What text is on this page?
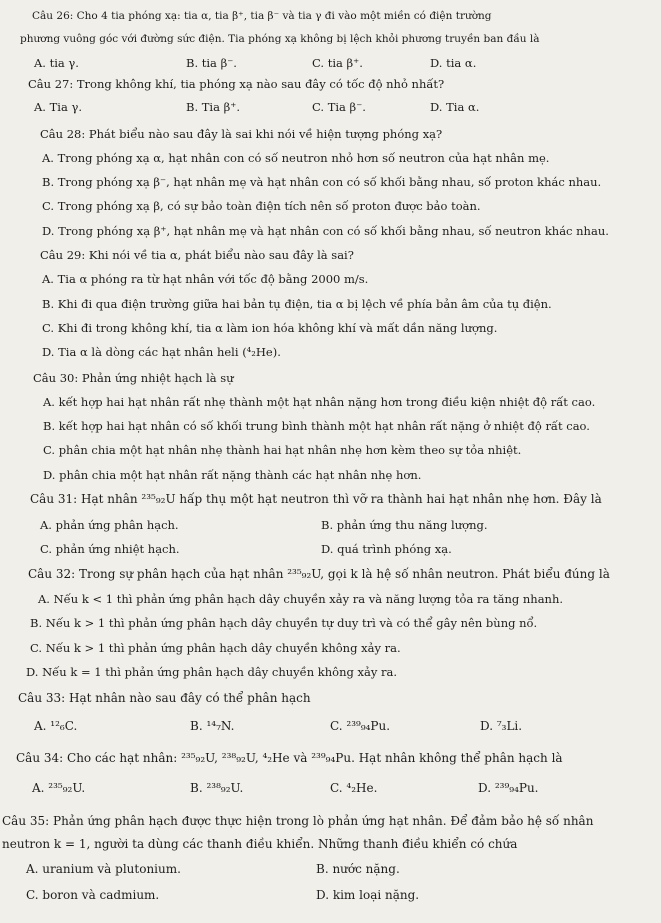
Câu 26: Cho 4 tia phóng xạ: tia α, tia β⁺, tia β⁻ và tia γ đi vào một miền có điện trường
phương vuông góc với đường sức điện. Tia phóng xạ không bị lệch khỏi phương truyền ban đầu là
A. tia γ.	B. tia β⁻.	C. tia β⁺.	D. tia α.
Câu 27: Trong không khí, tia phóng xạ nào sau đây có tốc độ nhỏ nhất?
A. Tia γ.	B. Tia β⁺.	C. Tia β⁻.	D. Tia α.
Câu 28: Phát biểu nào sau đây là sai khi nói về hiện tượng phóng xạ?
A. Trong phóng xạ α, hạt nhân con có số neutron nhỏ hơn số neutron của hạt nhân mẹ.
B. Trong phóng xạ β⁻, hạt nhân mẹ và hạt nhân con có số khối bằng nhau, số proton khác nhau.
C. Trong phóng xạ β, có sự bảo toàn điện tích nên số proton được bảo toàn.
D. Trong phóng xạ β⁺, hạt nhân mẹ và hạt nhân con có số khối bằng nhau, số neutron khác nhau.
Câu 29: Khi nói về tia α, phát biểu nào sau đây là sai?
A. Tia α phóng ra từ hạt nhân với tốc độ bằng 2000 m/s.
B. Khi đi qua điện trường giữa hai bản tụ điện, tia α bị lệch về phía bản âm của tụ điện.
C. Khi đi trong không khí, tia α làm ion hóa không khí và mất dần năng lượng.
D. Tia α là dòng các hạt nhân heli (⁴₂He).
Câu 30: Phản ứng nhiệt hạch là sự
A. kết hợp hai hạt nhân rất nhẹ thành một hạt nhân nặng hơn trong điều kiện nhiệt độ rất cao.
B. kết hợp hai hạt nhân có số khối trung bình thành một hạt nhân rất nặng ở nhiệt độ rất cao.
C. phân chia một hạt nhân nhẹ thành hai hạt nhân nhẹ hơn kèm theo sự tỏa nhiệt.
D. phân chia một hạt nhân rất nặng thành các hạt nhân nhẹ hơn.
Câu 31: Hạt nhân ²³⁵₉₂U hấp thụ một hạt neutron thì vỡ ra thành hai hạt nhân nhẹ hơn. Đây là
A. phản ứng phân hạch.	B. phản ứng thu năng lượng.
C. phản ứng nhiệt hạch.	D. quá trình phóng xạ.
Câu 32: Trong sự phân hạch của hạt nhân ²³⁵₉₂U, gọi k là hệ số nhân neutron. Phát biểu đúng là
A. Nếu k < 1 thì phản ứng phân hạch dây chuyền xảy ra và năng lượng tỏa ra tăng nhanh.
B. Nếu k > 1 thì phản ứng phân hạch dây chuyền tự duy trì và có thể gây nên bùng nổ.
C. Nếu k > 1 thì phản ứng phân hạch dây chuyền không xảy ra.
D. Nếu k = 1 thì phản ứng phân hạch dây chuyền không xảy ra.
Câu 33: Hạt nhân nào sau đây có thể phân hạch
A. ¹²₆C.	B. ¹⁴₇N.	C. ²³⁹₉₄Pu.	D. ⁷₃Li.
Câu 34: Cho các hạt nhân: ²³⁵₉₂U, ²³⁸₉₂U, ⁴₂He và ²³⁹₉₄Pu. Hạt nhân không thể phân hạch là
A. ²³⁵₉₂U.	B. ²³⁸₉₂U.	C. ⁴₂He.	D. ²³⁹₉₄Pu.
Câu 35: Phản ứng phân hạch được thực hiện trong lò phản ứng hạt nhân. Để đảm bảo hệ số nhân
neutron k = 1, người ta dùng các thanh điều khiển. Những thanh điều khiển có chứa
A. uranium và plutonium.	B. nước nặng.
C. boron và cadmium.	D. kim loại nặng.
